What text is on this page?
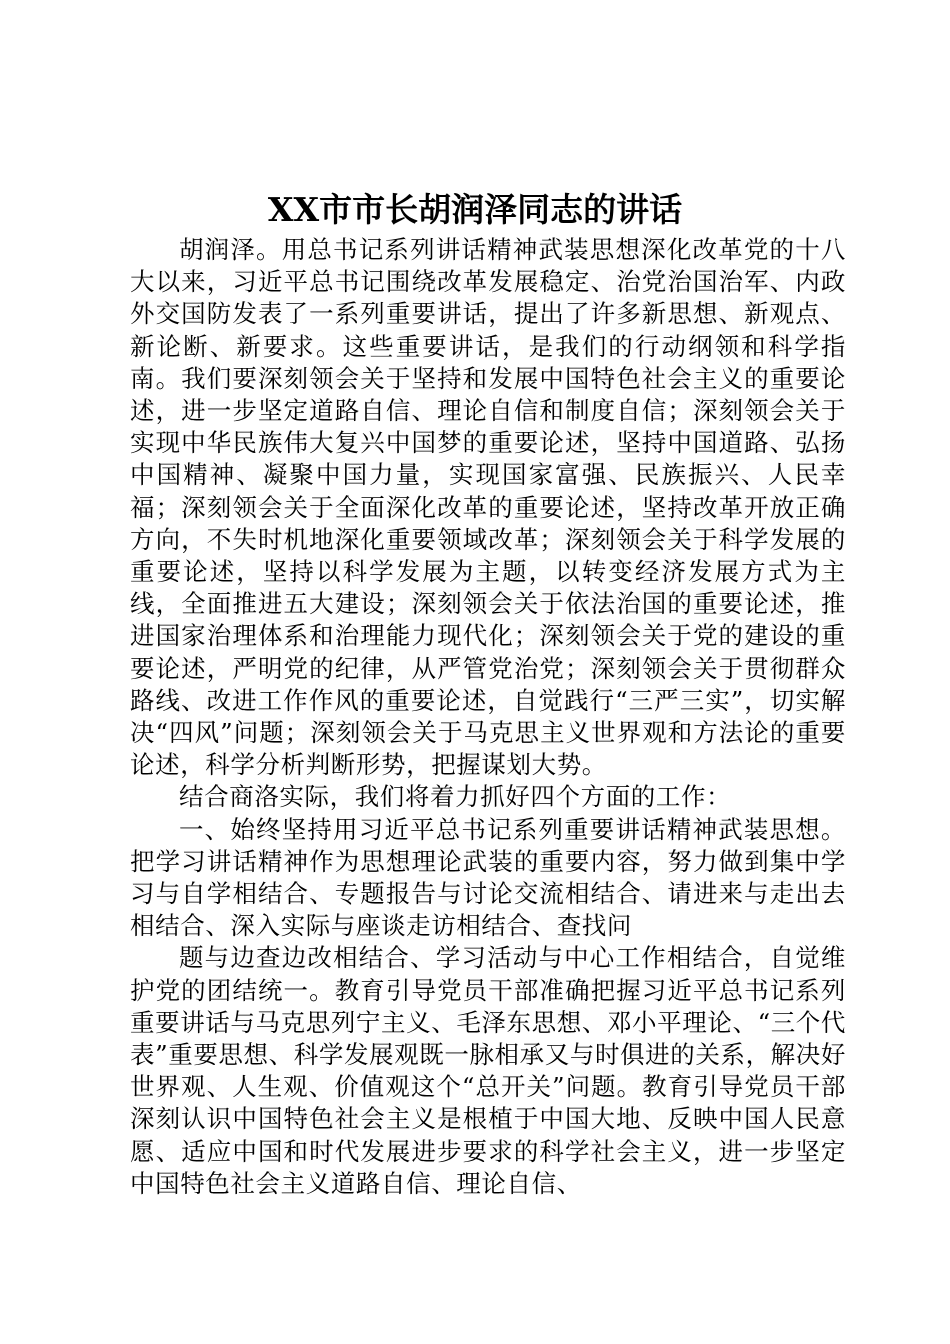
XX市市长胡润泽同志的讲话

胡润泽。用总书记系列讲话精神武装思想深化改革党的十八大以来，习近平总书记围绕改革发展稳定、治党治国治军、内政外交国防发表了一系列重要讲话，提出了许多新思想、新观点、新论断、新要求。这些重要讲话，是我们的行动纲领和科学指南。我们要深刻领会关于坚持和发展中国特色社会主义的重要论述，进一步坚定道路自信、理论自信和制度自信；深刻领会关于实现中华民族伟大复兴中国梦的重要论述，坚持中国道路、弘扬中国精神、凝聚中国力量，实现国家富强、民族振兴、人民幸福；深刻领会关于全面深化改革的重要论述，坚持改革开放正确方向，不失时机地深化重要领域改革；深刻领会关于科学发展的重要论述，坚持以科学发展为主题，以转变经济发展方式为主线，全面推进五大建设；深刻领会关于依法治国的重要论述，推进国家治理体系和治理能力现代化；深刻领会关于党的建设的重要论述，严明党的纪律，从严管党治党；深刻领会关于贯彻群众路线、改进工作作风的重要论述，自觉践行“三严三实”，切实解决“四风”问题；深刻领会关于马克思主义世界观和方法论的重要论述，科学分析判断形势，把握谋划大势。

结合商洛实际，我们将着力抓好四个方面的工作：

一、始终坚持用习近平总书记系列重要讲话精神武装思想。把学习讲话精神作为思想理论武装的重要内容，努力做到集中学习与自学相结合、专题报告与讨论交流相结合、请进来与走出去相结合、深入实际与座谈走访相结合、查找问

题与边查边改相结合、学习活动与中心工作相结合，自觉维护党的团结统一。教育引导党员干部准确把握习近平总书记系列重要讲话与马克思列宁主义、毛泽东思想、邓小平理论、“三个代表”重要思想、科学发展观既一脉相承又与时俱进的关系，解决好世界观、人生观、价值观这个“总开关”问题。教育引导党员干部深刻认识中国特色社会主义是根植于中国大地、反映中国人民意愿、适应中国和时代发展进步要求的科学社会主义，进一步坚定中国特色社会主义道路自信、理论自信、
